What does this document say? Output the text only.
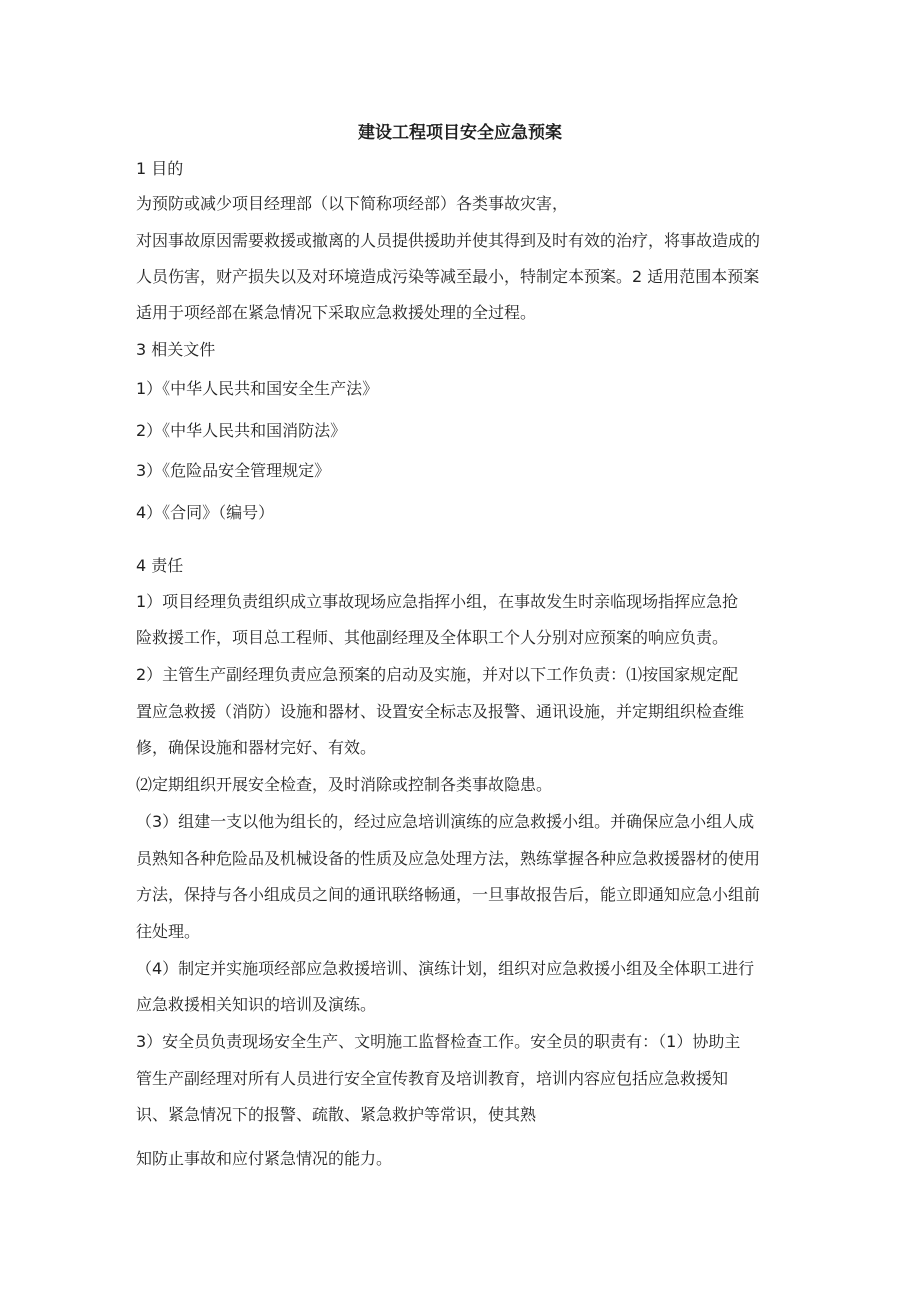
建设工程项目安全应急预案
1 目的
为预防或减少项目经理部（以下简称项经部）各类事故灾害，
对因事故原因需要救援或撤离的人员提供援助并使其得到及时有效的治疗，将事故造成的
人员伤害，财产损失以及对环境造成污染等减至最小，特制定本预案。2 适用范围本预案
适用于项经部在紧急情况下采取应急救援处理的全过程。
3 相关文件
1）《中华人民共和国安全生产法》
2）《中华人民共和国消防法》
3）《危险品安全管理规定》
4）《合同》（编号）
4 责任
1）项目经理负责组织成立事故现场应急指挥小组，在事故发生时亲临现场指挥应急抢
险救援工作，项目总工程师、其他副经理及全体职工个人分别对应预案的响应负责。
2）主管生产副经理负责应急预案的启动及实施，并对以下工作负责：⑴按国家规定配
置应急救援（消防）设施和器材、设置安全标志及报警、通讯设施，并定期组织检查维
修，确保设施和器材完好、有效。
⑵定期组织开展安全检查，及时消除或控制各类事故隐患。
（3）组建一支以他为组长的，经过应急培训演练的应急救援小组。并确保应急小组人成
员熟知各种危险品及机械设备的性质及应急处理方法，熟练掌握各种应急救援器材的使用
方法，保持与各小组成员之间的通讯联络畅通，一旦事故报告后，能立即通知应急小组前
往处理。
（4）制定并实施项经部应急救援培训、演练计划，组织对应急救援小组及全体职工进行
应急救援相关知识的培训及演练。
3）安全员负责现场安全生产、文明施工监督检查工作。安全员的职责有：（1）协助主
管生产副经理对所有人员进行安全宣传教育及培训教育，培训内容应包括应急救援知
识、紧急情况下的报警、疏散、紧急救护等常识，使其熟
知防止事故和应付紧急情况的能力。
